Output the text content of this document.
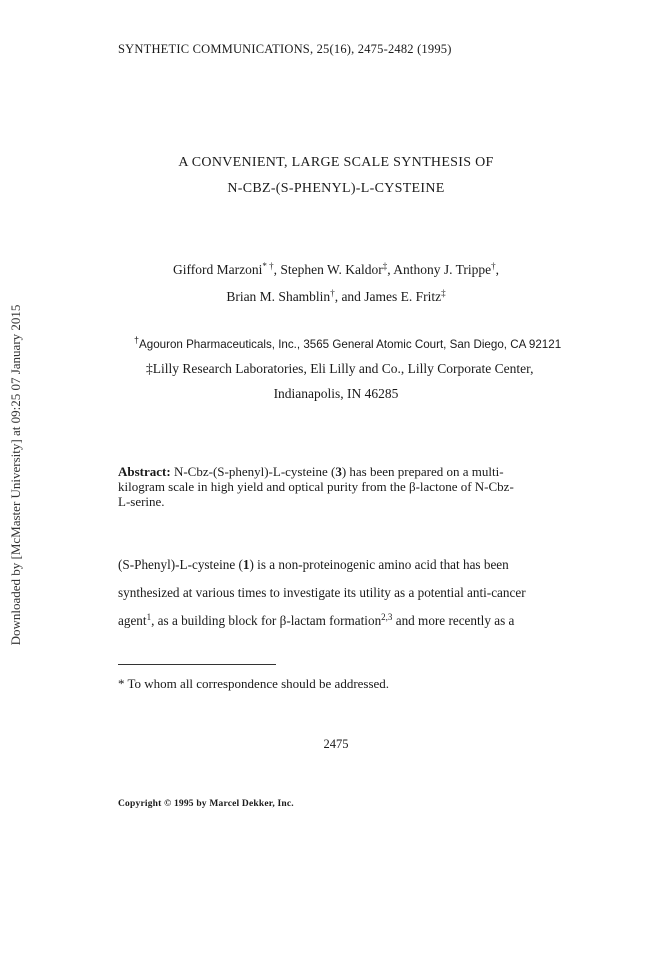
SYNTHETIC COMMUNICATIONS, 25(16), 2475-2482 (1995)
A CONVENIENT, LARGE SCALE SYNTHESIS OF
N-CBZ-(S-PHENYL)-L-CYSTEINE
Gifford Marzoni* †, Stephen W. Kaldor‡, Anthony J. Trippe†,
Brian M. Shamblin†, and James E. Fritz‡
†Agouron Pharmaceuticals, Inc., 3565 General Atomic Court, San Diego, CA 92121
‡Lilly Research Laboratories, Eli Lilly and Co., Lilly Corporate Center,
Indianapolis, IN 46285
Abstract: N-Cbz-(S-phenyl)-L-cysteine (3) has been prepared on a multi-kilogram scale in high yield and optical purity from the β-lactone of N-Cbz-L-serine.
(S-Phenyl)-L-cysteine (1) is a non-proteinogenic amino acid that has been
synthesized at various times to investigate its utility as a potential anti-cancer
agent$^1$, as a building block for β-lactam formation$^{2,3}$ and more recently as a
* To whom all correspondence should be addressed.
2475
Copyright © 1995 by Marcel Dekker, Inc.
Downloaded by [McMaster University] at 09:25 07 January 2015
